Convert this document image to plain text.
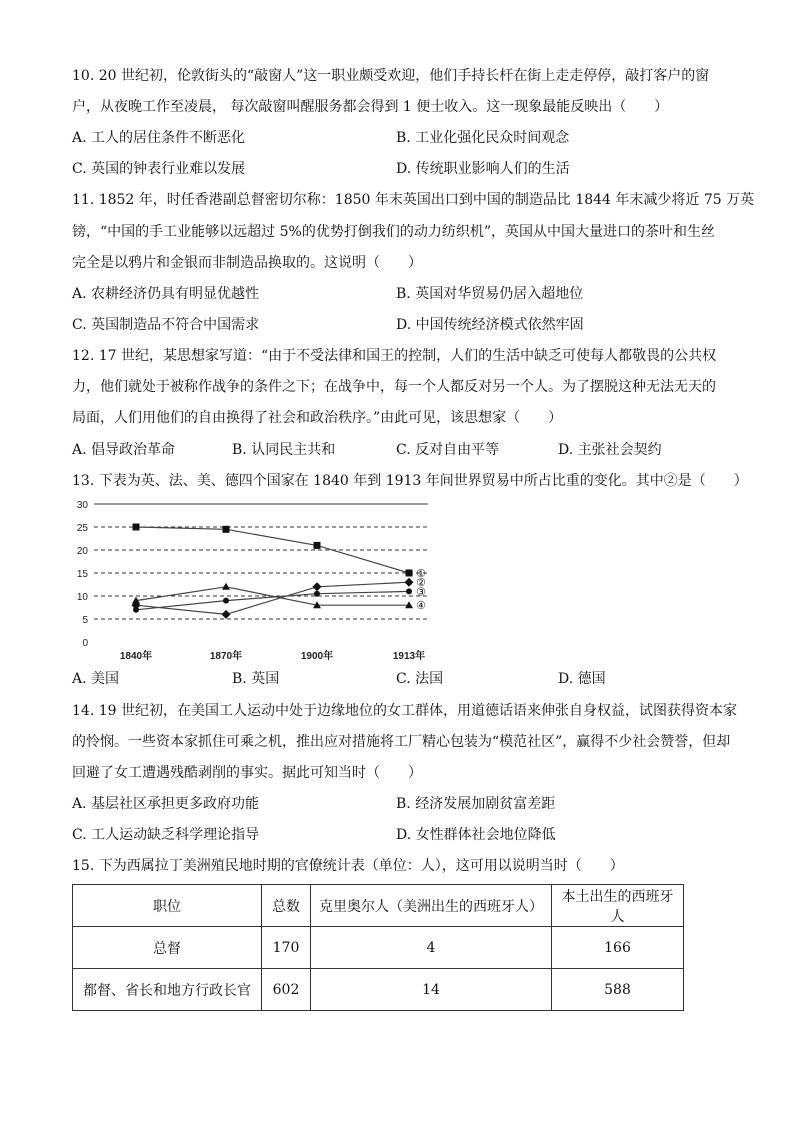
10. 20 世纪初，伦敦街头的“敲窗人”这一职业颇受欢迎，他们手持长杆在街上走走停停，敲打客户的窗
户，从夜晚工作至凌晨， 每次敲窗叫醒服务都会得到 1 便士收入。这一现象最能反映出（　　）
A. 工人的居住条件不断恶化	B. 工业化强化民众时间观念
C. 英国的钟表行业难以发展	D. 传统职业影响人们的生活
11. 1852 年，时任香港副总督密切尔称：1850 年末英国出口到中国的制造品比 1844 年末减少将近 75 万英
镑，“中国的手工业能够以远超过 5%的优势打倒我们的动力纺织机”，英国从中国大量进口的茶叶和生丝
完全是以鸦片和金银而非制造品换取的。这说明（　　）
A. 农耕经济仍具有明显优越性	B. 英国对华贸易仍居入超地位
C. 英国制造品不符合中国需求	D. 中国传统经济模式依然牢固
12. 17 世纪，某思想家写道：“由于不受法律和国王的控制，人们的生活中缺乏可使每人都敬畏的公共权
力，他们就处于被称作战争的条件之下；在战争中，每一个人都反对另一个人。为了摆脱这种无法无天的
局面，人们用他们的自由换得了社会和政治秩序。”由此可见，该思想家（　　）
A. 倡导政治革命	B. 认同民主共和	C. 反对自由平等	D. 主张社会契约
13. 下表为英、法、美、德四个国家在 1840 年到 1913 年间世界贸易中所占比重的变化。其中②是（　　）
0
5
10
15
20
25
30
1840年	1870年	1900年	1913年
①
②
③
④
A. 美国	B. 英国	C. 法国	D. 德国
14. 19 世纪初，在美国工人运动中处于边缘地位的女工群体，用道德话语来伸张自身权益，试图获得资本家
的怜悯。一些资本家抓住可乘之机，推出应对措施将工厂精心包装为“模范社区”，赢得不少社会赞誉，但却
回避了女工遭遇残酷剥削的事实。据此可知当时（　　）
A. 基层社区承担更多政府功能	B. 经济发展加剧贫富差距
C. 工人运动缺乏科学理论指导	D. 女性群体社会地位降低
15. 下为西属拉丁美洲殖民地时期的官僚统计表（单位：人），这可用以说明当时（　　）
职位	总数	克里奥尔人（美洲出生的西班牙人）	本土出生的西班牙人
总督	170	4	166
都督、省长和地方行政长官	602	14	588
